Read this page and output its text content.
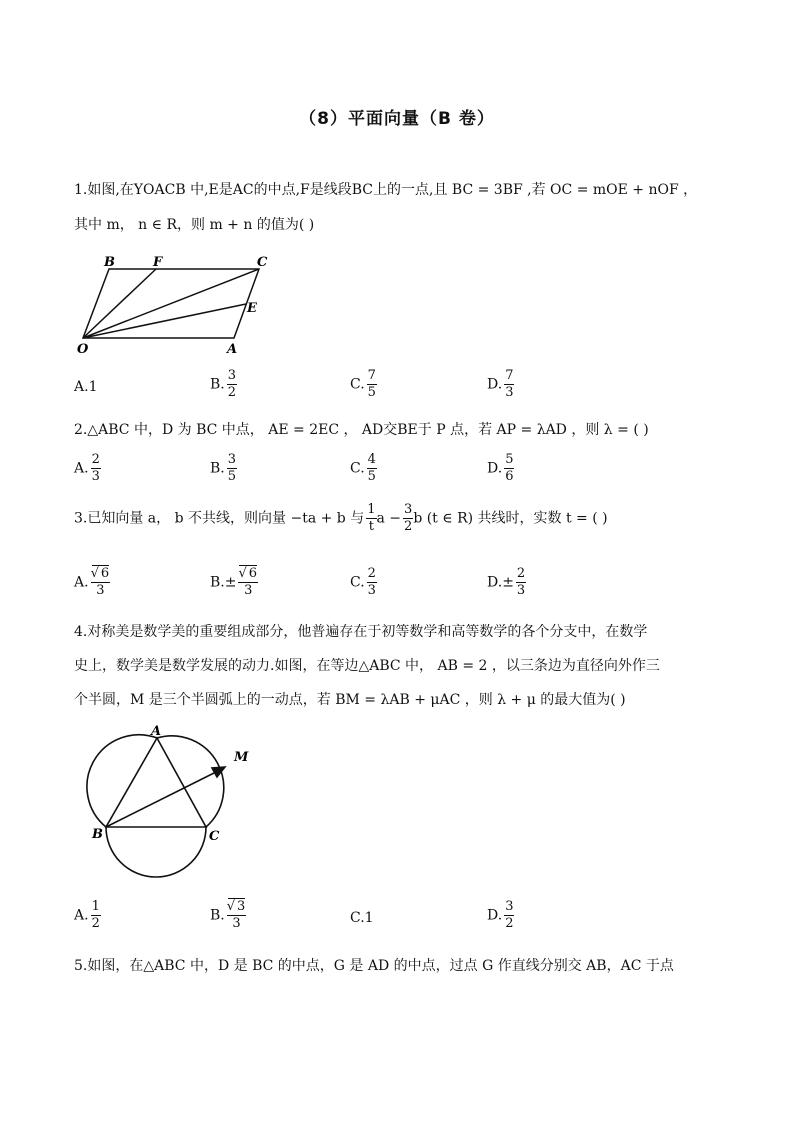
（8）平面向量（B 卷）
1.如图,在YOACB 中,E是AC的中点,F是线段BC上的一点,且 BC = 3BF ,若 OC = mOE + nOF ，
其中 m， n ∈ R，则 m + n 的值为( )
B	F	C
E
O	A
A.1	B. $\frac{3}{2}$	C. $\frac{7}{5}$	D. $\frac{7}{3}$
2.△ABC 中，D 为 BC 中点， AE = 2EC ， AD交BE于 P 点，若 AP = λAD ，则 λ = ( )
A. $\frac{2}{3}$	B. $\frac{3}{5}$	C. $\frac{4}{5}$	D. $\frac{5}{6}$
3.已知向量 a， b 不共线，则向量 −ta + b 与 $\frac{1}{t}$ $a - \frac{3}{2}$ b (t ∈ R) 共线时，实数 t = ( )
A. √ $\frac{6}{3}$	B.± √ $\frac{6}{3}$	C. $\frac{2}{3}$	$D.\pm \frac{2}{3}$
4.对称美是数学美的重要组成部分，他普遍存在于初等数学和高等数学的各个分支中，在数学
史上，数学美是数学发展的动力.如图，在等边△ABC 中， AB = 2 ，以三条边为直径向外作三
个半圆，M 是三个半圆弧上的一动点，若 BM = λAB + μAC ，则 λ + μ 的最大值为( )
A
B	C
M
A. $\frac{1}{2}$	B. √ $\frac{3}{3}$	C.1	D. $\frac{3}{2}$
5.如图，在△ABC 中，D 是 BC 的中点，G 是 AD 的中点，过点 G 作直线分别交 AB，AC 于点
